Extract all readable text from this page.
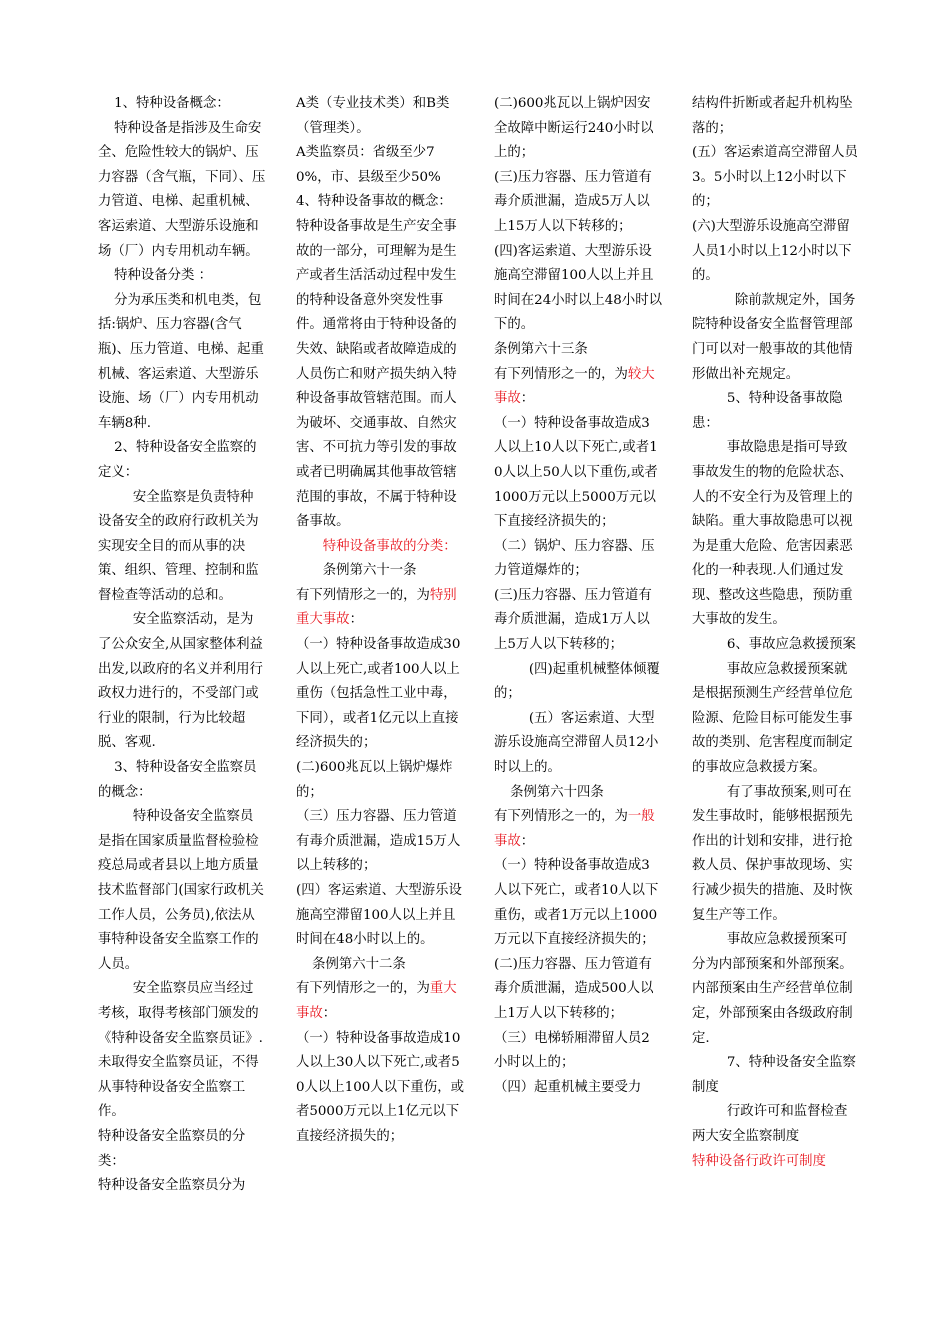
1、特种设备概念：

特种设备是指涉及生命安全、危险性较大的锅炉、压力容器（含气瓶，下同）、压力管道、电梯、起重机械、客运索道、大型游乐设施和场（厂）内专用机动车辆。

特种设备分类 ：

分为承压类和机电类，包括:锅炉、压力容器(含气瓶)、压力管道、电梯、起重机械、客运索道、大型游乐设施、场（厂）内专用机动车辆8种.

2、特种设备安全监察的定义：

安全监察是负责特种设备安全的政府行政机关为实现安全目的而从事的决策、组织、管理、控制和监督检查等活动的总和。

安全监察活动，是为了公众安全,从国家整体利益出发,以政府的名义并利用行政权力进行的，不受部门或行业的限制，行为比较超脱、客观.

3、特种设备安全监察员的概念：

特种设备安全监察员是指在国家质量监督检验检疫总局或者县以上地方质量技术监督部门(国家行政机关工作人员，公务员),依法从事特种设备安全监察工作的人员。

安全监察员应当经过考核，取得考核部门颁发的《特种设备安全监察员证》.未取得安全监察员证，不得从事特种设备安全监察工作。

特种设备安全监察员的分类：

特种设备安全监察员分为

A类（专业技术类）和B类（管理类）。

A类监察员：省级至少70%，市、县级至少50%

4、特种设备事故的概念：

特种设备事故是生产安全事故的一部分，可理解为是生产或者生活活动过程中发生的特种设备意外突发性事件。通常将由于特种设备的失效、缺陷或者故障造成的人员伤亡和财产损失纳入特种设备事故管辖范围。而人为破坏、交通事故、自然灾害、不可抗力等引发的事故或者已明确属其他事故管辖范围的事故，不属于特种设备事故。

特种设备事故的分类：

条例第六十一条

有下列情形之一的，为特别重大事故：

（一）特种设备事故造成30人以上死亡,或者100人以上重伤（包括急性工业中毒，下同），或者1亿元以上直接经济损失的；

(二)600兆瓦以上锅炉爆炸的；

（三）压力容器、压力管道有毒介质泄漏，造成15万人以上转移的；

(四）客运索道、大型游乐设施高空滞留100人以上并且时间在48小时以上的。

条例第六十二条

有下列情形之一的，为重大事故：

（一）特种设备事故造成10人以上30人以下死亡,或者50人以上100人以下重伤，或者5000万元以上1亿元以下直接经济损失的；

(二)600兆瓦以上锅炉因安全故障中断运行240小时以上的；

(三)压力容器、压力管道有毒介质泄漏，造成5万人以上15万人以下转移的；

(四)客运索道、大型游乐设施高空滞留100人以上并且时间在24小时以上48小时以下的。

条例第六十三条

有下列情形之一的，为较大事故：

（一）特种设备事故造成3人以上10人以下死亡,或者10人以上50人以下重伤,或者1000万元以上5000万元以下直接经济损失的；

（二）锅炉、压力容器、压力管道爆炸的；

(三)压力容器、压力管道有毒介质泄漏，造成1万人以上5万人以下转移的；

(四)起重机械整体倾覆的；

(五）客运索道、大型游乐设施高空滞留人员12小时以上的。

条例第六十四条

有下列情形之一的，为一般事故：

（一）特种设备事故造成3人以下死亡，或者10人以下重伤，或者1万元以上1000万元以下直接经济损失的；

(二)压力容器、压力管道有毒介质泄漏，造成500人以上1万人以下转移的；

（三）电梯轿厢滞留人员2小时以上的；

（四）起重机械主要受力

结构件折断或者起升机构坠落的；

(五）客运索道高空滞留人员3。5小时以上12小时以下的；

(六)大型游乐设施高空滞留人员1小时以上12小时以下的。

除前款规定外，国务院特种设备安全监督管理部门可以对一般事故的其他情形做出补充规定。

5、特种设备事故隐患：

事故隐患是指可导致事故发生的物的危险状态、人的不安全行为及管理上的缺陷。重大事故隐患可以视为是重大危险、危害因素恶化的一种表现.人们通过发现、整改这些隐患，预防重大事故的发生。

6、事故应急救援预案

事故应急救援预案就是根据预测生产经营单位危险源、危险目标可能发生事故的类别、危害程度而制定的事故应急救援方案。

有了事故预案,则可在发生事故时，能够根据预先作出的计划和安排，进行抢救人员、保护事故现场、实行减少损失的措施、及时恢复生产等工作。

事故应急救援预案可分为内部预案和外部预案。内部预案由生产经营单位制定，外部预案由各级政府制定.

7、特种设备安全监察制度

行政许可和监督检查两大安全监察制度

特种设备行政许可制度
